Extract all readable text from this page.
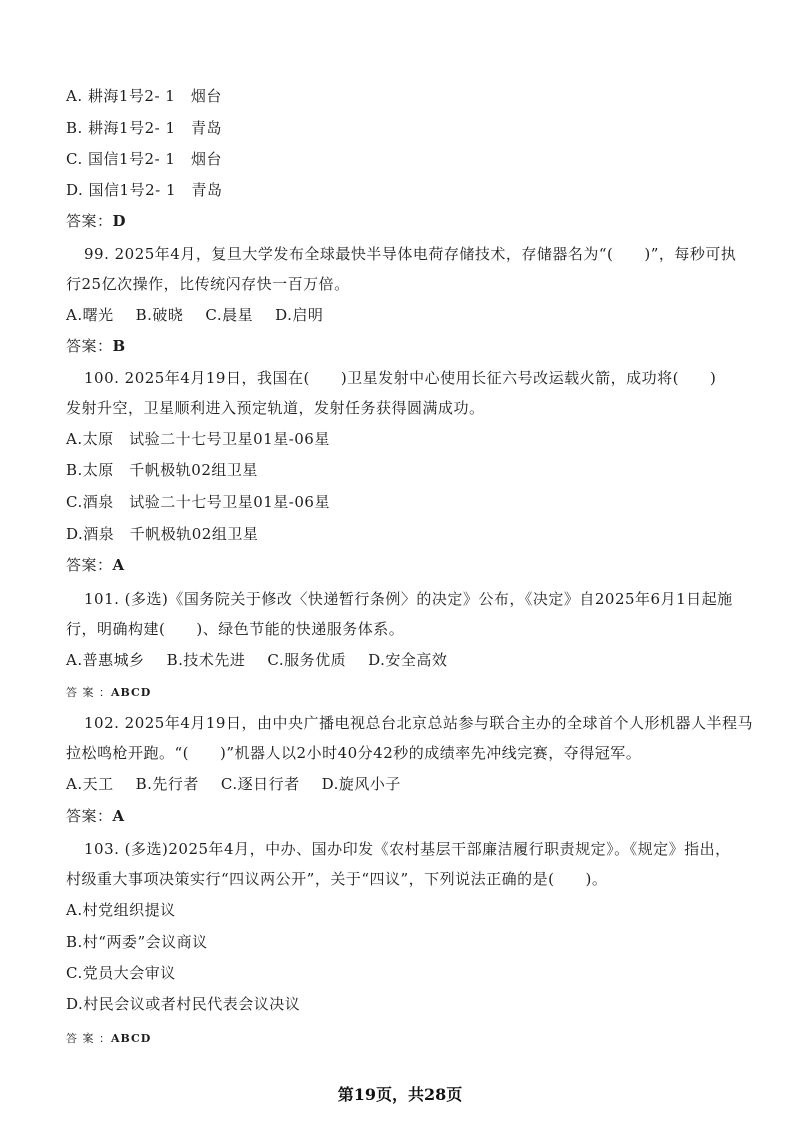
A. 耕海1号2- 1　烟台
B. 耕海1号2- 1　青岛
C. 国信1号2- 1　烟台
D. 国信1号2- 1　青岛
答案：D
99. 2025年4月，复旦大学发布全球最快半导体电荷存储技术，存储器名为“(　　)”，每秒可执
行25亿次操作，比传统闪存快一百万倍。
A.曙光 B.破晓 C.晨星 D.启明
答案：B
100. 2025年4月19日，我国在(　　)卫星发射中心使用长征六号改运载火箭，成功将(　　)
发射升空，卫星顺利进入预定轨道，发射任务获得圆满成功。
A.太原　试验二十七号卫星01星-06星
B.太原　千帆极轨02组卫星
C.酒泉　试验二十七号卫星01星-06星
D.酒泉　千帆极轨02组卫星
答案：A
101. (多选)《国务院关于修改〈快递暂行条例〉的决定》公布，《决定》自2025年6月1日起施
行，明确构建(　　)、绿色节能的快递服务体系。
A.普惠城乡 B.技术先进 C.服务优质 D.安全高效
答 案 ：ABCD
102. 2025年4月19日，由中央广播电视总台北京总站参与联合主办的全球首个人形机器人半程马
拉松鸣枪开跑。“(　　)”机器人以2小时40分42秒的成绩率先冲线完赛，夺得冠军。
A.天工 B.先行者 C.逐日行者 D.旋风小子
答案：A
103. (多选)2025年4月，中办、国办印发《农村基层干部廉洁履行职责规定》。《规定》指出，
村级重大事项决策实行“四议两公开”，关于“四议”，下列说法正确的是(　　)。
A.村党组织提议
B.村“两委”会议商议
C.党员大会审议
D.村民会议或者村民代表会议决议
答 案 ：ABCD
第19页，共28页
